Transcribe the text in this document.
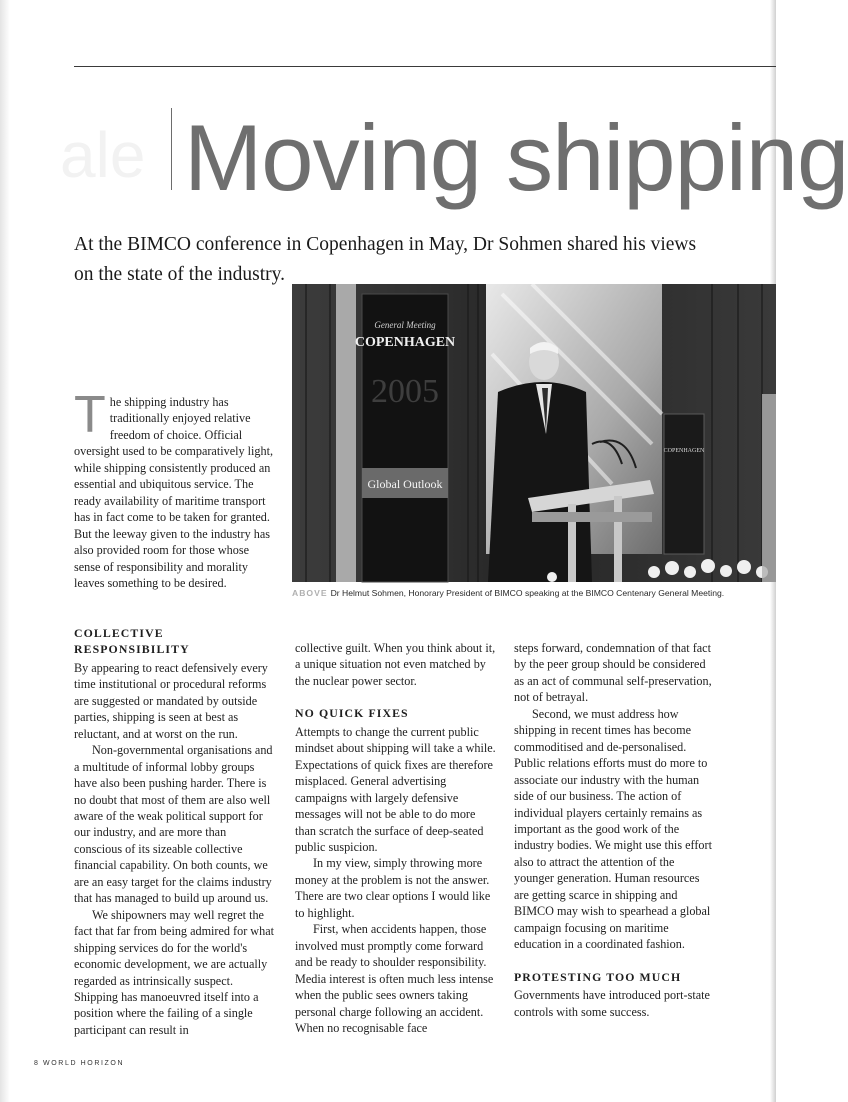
ale Moving shipping

At the BIMCO conference in Copenhagen in May, Dr Sohmen shared his views on the state of the industry.

General Meeting
COPENHAGEN
2005
Global Outlook
COPENHAGEN

ABOVE Dr Helmut Sohmen, Honorary President of BIMCO speaking at the BIMCO Centenary General Meeting.

The shipping industry has traditionally enjoyed relative freedom of choice. Official oversight used to be comparatively light, while shipping consistently produced an essential and ubiquitous service. The ready availability of maritime transport has in fact come to be taken for granted. But the leeway given to the industry has also provided room for those whose sense of responsibility and morality leaves something to be desired.

COLLECTIVE RESPONSIBILITY

By appearing to react defensively every time institutional or procedural reforms are suggested or mandated by outside parties, shipping is seen at best as reluctant, and at worst on the run.

Non-governmental organisations and a multitude of informal lobby groups have also been pushing harder. There is no doubt that most of them are also well aware of the weak political support for our industry, and are more than conscious of its sizeable collective financial capability. On both counts, we are an easy target for the claims industry that has managed to build up around us.

We shipowners may well regret the fact that far from being admired for what shipping services do for the world's economic development, we are actually regarded as intrinsically suspect. Shipping has manoeuvred itself into a position where the failing of a single participant can result in

collective guilt. When you think about it, a unique situation not even matched by the nuclear power sector.

NO QUICK FIXES

Attempts to change the current public mindset about shipping will take a while. Expectations of quick fixes are therefore misplaced. General advertising campaigns with largely defensive messages will not be able to do more than scratch the surface of deep-seated public suspicion.

In my view, simply throwing more money at the problem is not the answer. There are two clear options I would like to highlight.

First, when accidents happen, those involved must promptly come forward and be ready to shoulder responsibility. Media interest is often much less intense when the public sees owners taking personal charge following an accident. When no recognisable face

steps forward, condemnation of that fact by the peer group should be considered as an act of communal self-preservation, not of betrayal.

Second, we must address how shipping in recent times has become commoditised and de-personalised. Public relations efforts must do more to associate our industry with the human side of our business. The action of individual players certainly remains as important as the good work of the industry bodies. We might use this effort also to attract the attention of the younger generation. Human resources are getting scarce in shipping and BIMCO may wish to spearhead a global campaign focusing on maritime education in a coordinated fashion.

PROTESTING TOO MUCH

Governments have introduced port-state controls with some success.

8 WORLD HORIZON
